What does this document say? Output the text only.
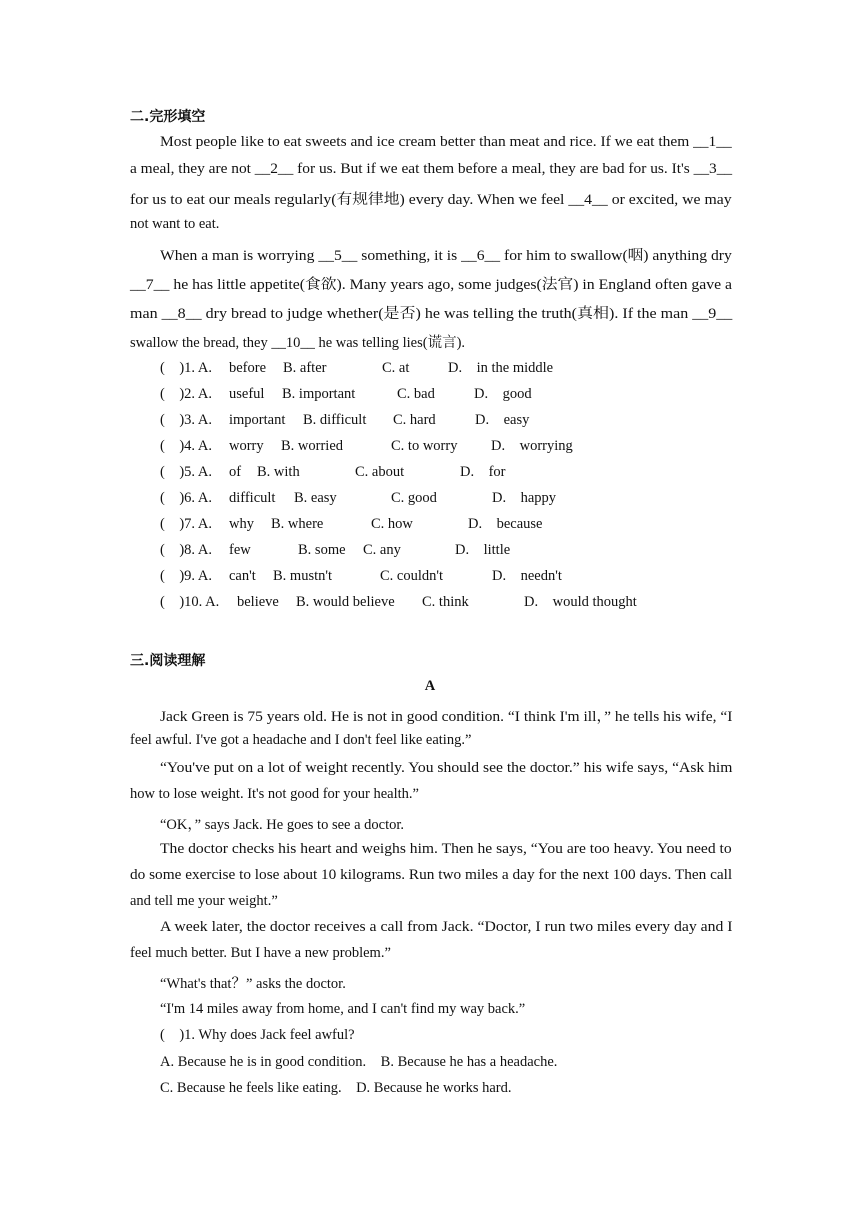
二.完形填空
Most people like to eat sweets and ice cream better than meat and rice. If we eat them __1__
a meal, they are not __2__ for us. But if we eat them before a meal, they are bad for us. It's __3__
for us to eat our meals regularly(有规律地) every day. When we feel __4__ or excited, we may
not want to eat.
When a man is worrying __5__ something, it is __6__ for him to swallow(咽) anything dry
__7__ he has little appetite(食欲). Many years ago, some judges(法官) in England often gave a
man __8__ dry bread to judge whether(是否) he was telling the truth(真相). If the man __9__
swallow the bread, they __10__ he was telling lies(谎言).
(    )1. A. before B. after	C. at	D.    in the middle
(    )2. A. useful B. important	C. bad	D.    good
(    )3. A. important B. difficult C. hard	D.    easy
(    )4. A. worry B. worried	C. to worry D.    worrying
(    )5. A. of B. with	C. about	D.    for
(    )6. A. difficult B. easy	C. good	D.    happy
(    )7. A. why B. where	C. how	D.    because
(    )8. A. few	B. some C. any	D.    little
(    )9. A. can't B. mustn't	C. couldn't	D.    needn't
(    )10. A. believe B. would believe C. think	D.    would thought
三.阅读理解
A
Jack Green is 75 years old. He is not in good condition. “I think I'm ill，” he tells his wife, “I
feel awful. I've got a headache and I don't feel like eating.”
“You've put on a lot of weight recently. You should see the doctor.” his wife says, “Ask him
how to lose weight. It's not good for your health.”
“OK，” says Jack. He goes to see a doctor.
The doctor checks his heart and weighs him. Then he says, “You are too heavy. You need to
do some exercise to lose about 10 kilograms. Run two miles a day for the next 100 days. Then call
and tell me your weight.”
A week later, the doctor receives a call from Jack. “Doctor, I run two miles every day and I
feel much better. But I have a new problem.”
“What's that？” asks the doctor.
“I'm 14 miles away from home, and I can't find my way back.”
(    )1. Why does Jack feel awful?
A. Because he is in good condition.    B. Because he has a headache.
C. Because he feels like eating.    D. Because he works hard.
